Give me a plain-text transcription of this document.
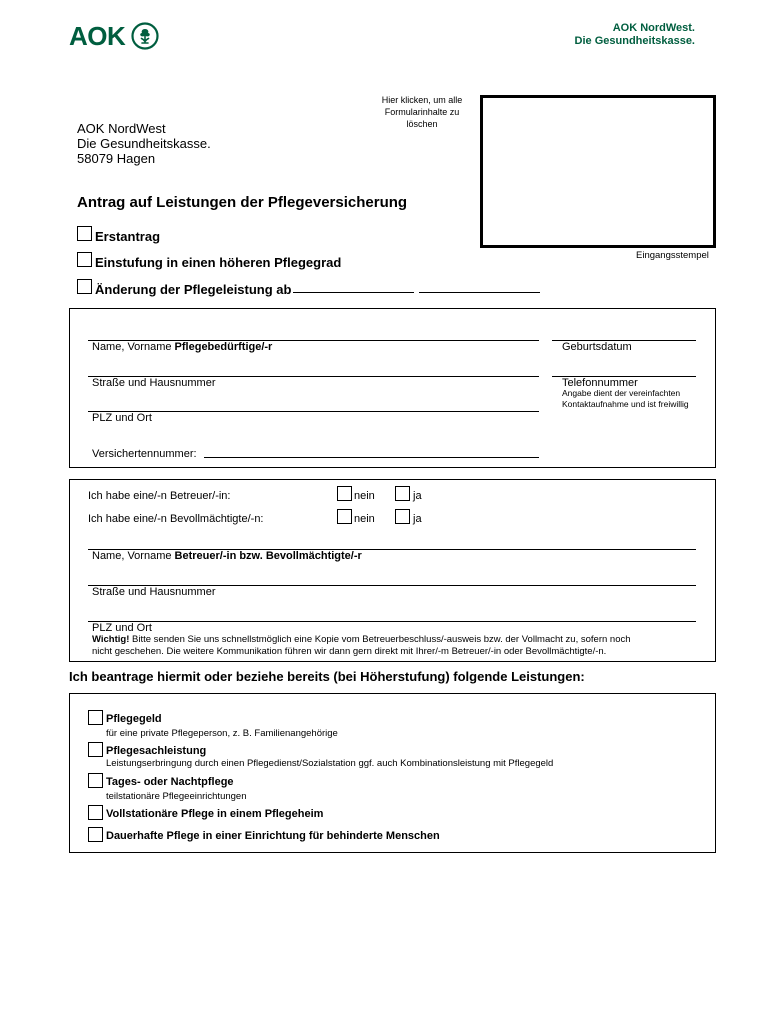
AOK	AOK NordWest.
Die Gesundheitskasse.
AOK NordWest
Die Gesundheitskasse.
58079 Hagen
Hier klicken, um alle Formularinhalte zu löschen
Eingangsstempel
Antrag auf Leistungen der Pflegeversicherung
Erstantrag
Einstufung in einen höheren Pflegegrad
Änderung der Pflegeleistung ab
Name, Vorname Pflegebedürftige/-r	Geburtsdatum
Straße und Hausnummer	Telefonnummer
Angabe dient der vereinfachten
Kontaktaufnahme und ist freiwillig
PLZ und Ort
Versichertennummer:
Ich habe eine/-n Betreuer/-in:	nein	ja
Ich habe eine/-n Bevollmächtigte/-n:	nein	ja
Name, Vorname Betreuer/-in bzw. Bevollmächtigte/-r
Straße und Hausnummer
PLZ und Ort
Wichtig! Bitte senden Sie uns schnellstmöglich eine Kopie vom Betreuerbeschluss/-ausweis bzw. der Vollmacht zu, sofern noch
nicht geschehen. Die weitere Kommunikation führen wir dann gern direkt mit Ihrer/-m Betreuer/-in oder Bevollmächtigte/-n.
Ich beantrage hiermit oder beziehe bereits (bei Höherstufung) folgende Leistungen:
Pflegegeld
für eine private Pflegeperson, z. B. Familienangehörige
Pflegesachleistung
Leistungserbringung durch einen Pflegedienst/Sozialstation ggf. auch Kombinationsleistung mit Pflegegeld
Tages- oder Nachtpflege
teilstationäre Pflegeeinrichtungen
Vollstationäre Pflege in einem Pflegeheim
Dauerhafte Pflege in einer Einrichtung für behinderte Menschen
